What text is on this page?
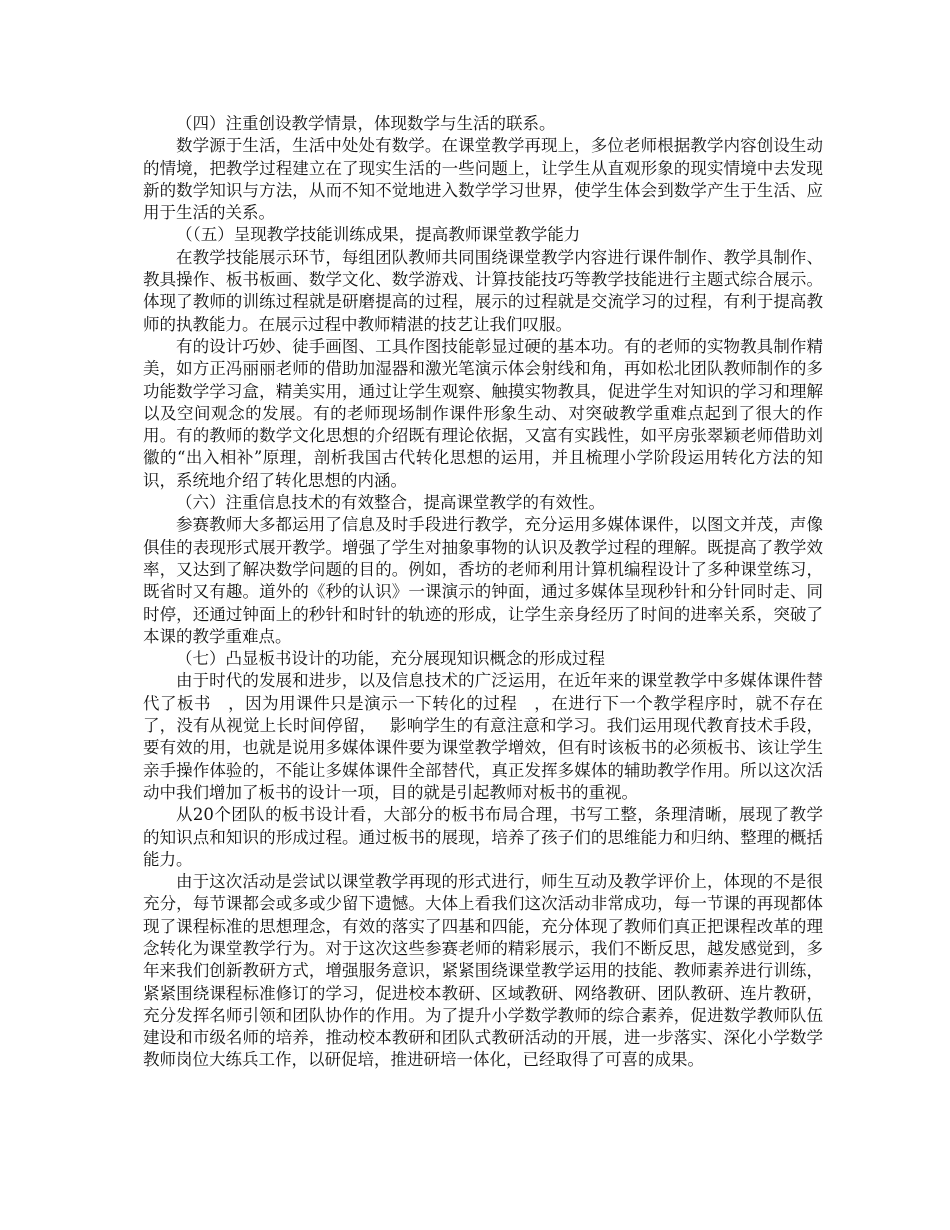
（四）注重创设教学情景，体现数学与生活的联系。

数学源于生活，生活中处处有数学。在课堂教学再现上，多位老师根据教学内容创设生动的情境，把教学过程建立在了现实生活的一些问题上，让学生从直观形象的现实情境中去发现新的数学知识与方法，从而不知不觉地进入数学学习世界，使学生体会到数学产生于生活、应用于生活的关系。

（（五）呈现教学技能训练成果，提高教师课堂教学能力

在教学技能展示环节，每组团队教师共同围绕课堂教学内容进行课件制作、教学具制作、教具操作、板书板画、数学文化、数学游戏、计算技能技巧等教学技能进行主题式综合展示。体现了教师的训练过程就是研磨提高的过程，展示的过程就是交流学习的过程，有利于提高教师的执教能力。在展示过程中教师精湛的技艺让我们叹服。

有的设计巧妙、徒手画图、工具作图技能彰显过硬的基本功。有的老师的实物教具制作精美，如方正冯丽丽老师的借助加湿器和激光笔演示体会射线和角，再如松北团队教师制作的多功能数学学习盒，精美实用，通过让学生观察、触摸实物教具，促进学生对知识的学习和理解以及空间观念的发展。有的老师现场制作课件形象生动、对突破教学重难点起到了很大的作用。有的教师的数学文化思想的介绍既有理论依据，又富有实践性，如平房张翠颖老师借助刘徽的“出入相补”原理，剖析我国古代转化思想的运用，并且梳理小学阶段运用转化方法的知识，系统地介绍了转化思想的内涵。

（六）注重信息技术的有效整合，提高课堂教学的有效性。

参赛教师大多都运用了信息及时手段进行教学，充分运用多媒体课件，以图文并茂，声像俱佳的表现形式展开教学。增强了学生对抽象事物的认识及教学过程的理解。既提高了教学效率，又达到了解决数学问题的目的。例如，香坊的老师利用计算机编程设计了多种课堂练习，既省时又有趣。道外的《秒的认识》一课演示的钟面，通过多媒体呈现秒针和分针同时走、同时停，还通过钟面上的秒针和时针的轨迹的形成，让学生亲身经历了时间的进率关系，突破了本课的教学重难点。

（七）凸显板书设计的功能，充分展现知识概念的形成过程

由于时代的发展和进步，以及信息技术的广泛运用，在近年来的课堂教学中多媒体课件替代了板书　，因为用课件只是演示一下转化的过程　，在进行下一个教学程序时，就不存在了，没有从视觉上长时间停留，　 影响学生的有意注意和学习。我们运用现代教育技术手段，要有效的用，也就是说用多媒体课件要为课堂教学增效，但有时该板书的必须板书、该让学生亲手操作体验的，不能让多媒体课件全部替代，真正发挥多媒体的辅助教学作用。所以这次活动中我们增加了板书的设计一项，目的就是引起教师对板书的重视。

从20个团队的板书设计看，大部分的板书布局合理，书写工整，条理清晰，展现了教学的知识点和知识的形成过程。通过板书的展现，培养了孩子们的思维能力和归纳、整理的概括能力。

由于这次活动是尝试以课堂教学再现的形式进行，师生互动及教学评价上，体现的不是很充分，每节课都会或多或少留下遗憾。大体上看我们这次活动非常成功，每一节课的再现都体现了课程标准的思想理念，有效的落实了四基和四能，充分体现了教师们真正把课程改革的理念转化为课堂教学行为。对于这次这些参赛老师的精彩展示，我们不断反思，越发感觉到，多年来我们创新教研方式，增强服务意识，紧紧围绕课堂教学运用的技能、教师素养进行训练，紧紧围绕课程标准修订的学习，促进校本教研、区域教研、网络教研、团队教研、连片教研，充分发挥名师引领和团队协作的作用。为了提升小学数学教师的综合素养，促进数学教师队伍建设和市级名师的培养，推动校本教研和团队式教研活动的开展，进一步落实、深化小学数学教师岗位大练兵工作，以研促培，推进研培一体化，已经取得了可喜的成果。
